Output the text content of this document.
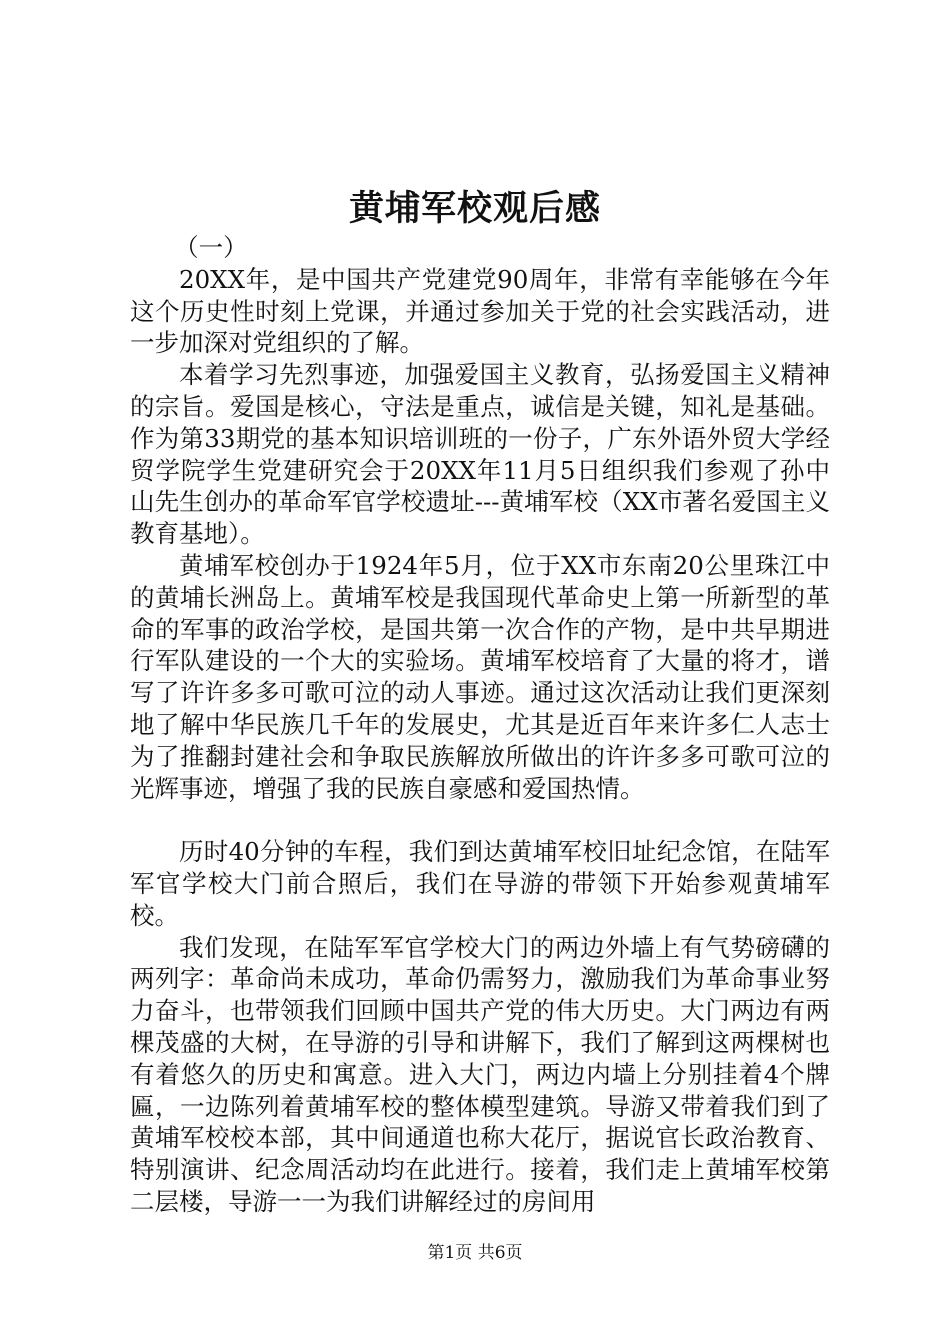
黄埔军校观后感

（一）

20XX年，是中国共产党建党90周年，非常有幸能够在今年这个历史性时刻上党课，并通过参加关于党的社会实践活动，进一步加深对党组织的了解。

本着学习先烈事迹，加强爱国主义教育，弘扬爱国主义精神的宗旨。爱国是核心，守法是重点，诚信是关键，知礼是基础。作为第33期党的基本知识培训班的一份子，广东外语外贸大学经贸学院学生党建研究会于20XX年11月5日组织我们参观了孙中山先生创办的革命军官学校遗址---黄埔军校（XX市著名爱国主义教育基地）。

黄埔军校创办于1924年5月，位于XX市东南20公里珠江中的黄埔长洲岛上。黄埔军校是我国现代革命史上第一所新型的革命的军事的政治学校，是国共第一次合作的产物，是中共早期进行军队建设的一个大的实验场。黄埔军校培育了大量的将才，谱写了许许多多可歌可泣的动人事迹。通过这次活动让我们更深刻地了解中华民族几千年的发展史，尤其是近百年来许多仁人志士为了推翻封建社会和争取民族解放所做出的许许多多可歌可泣的光辉事迹，增强了我的民族自豪感和爱国热情。

历时40分钟的车程，我们到达黄埔军校旧址纪念馆，在陆军军官学校大门前合照后，我们在导游的带领下开始参观黄埔军校。

我们发现，在陆军军官学校大门的两边外墙上有气势磅礴的两列字：革命尚未成功，革命仍需努力，激励我们为革命事业努力奋斗，也带领我们回顾中国共产党的伟大历史。大门两边有两棵茂盛的大树，在导游的引导和讲解下，我们了解到这两棵树也有着悠久的历史和寓意。进入大门，两边内墙上分别挂着4个牌匾，一边陈列着黄埔军校的整体模型建筑。导游又带着我们到了黄埔军校校本部，其中间通道也称大花厅，据说官长政治教育、特别演讲、纪念周活动均在此进行。接着，我们走上黄埔军校第二层楼，导游一一为我们讲解经过的房间用

第1页 共6页
